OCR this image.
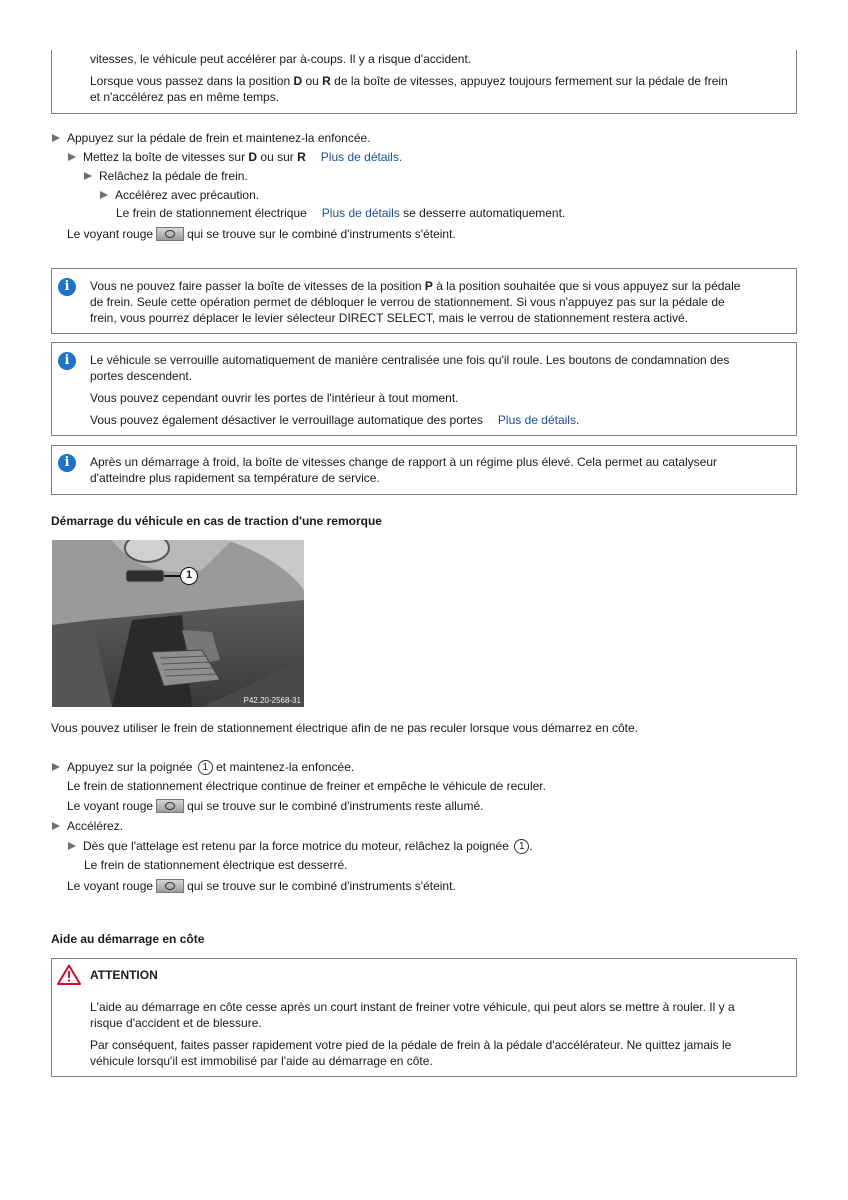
vitesses, le véhicule peut accélérer par à-coups. Il y a risque d'accident.
Lorsque vous passez dans la position D ou R de la boîte de vitesses, appuyez toujours fermement sur la pédale de frein
et n'accélérez pas en même temps.
Appuyez sur la pédale de frein et maintenez-la enfoncée.
Mettez la boîte de vitesses sur D ou sur R Plus de détails.
Relâchez la pédale de frein.
Accélérez avec précaution.
Le frein de stationnement électrique Plus de détails se desserre automatiquement.
Le voyant rouge	qui se trouve sur le combiné d'instruments s'éteint.
i	Vous ne pouvez faire passer la boîte de vitesses de la position P à la position souhaitée que si vous appuyez sur la pédale
de frein. Seule cette opération permet de débloquer le verrou de stationnement. Si vous n'appuyez pas sur la pédale de
frein, vous pourrez déplacer le levier sélecteur DIRECT SELECT, mais le verrou de stationnement restera activé.
i	Le véhicule se verrouille automatiquement de manière centralisée une fois qu'il roule. Les boutons de condamnation des
portes descendent.
Vous pouvez cependant ouvrir les portes de l'intérieur à tout moment.
Vous pouvez également désactiver le verrouillage automatique des portes Plus de détails.
i	Après un démarrage à froid, la boîte de vitesses change de rapport à un régime plus élevé. Cela permet au catalyseur
d'atteindre plus rapidement sa température de service.
Démarrage du véhicule en cas de traction d'une remorque
1
P42.20-2568-31
Vous pouvez utiliser le frein de stationnement électrique afin de ne pas reculer lorsque vous démarrez en côte.
Appuyez sur la poignée 1 et maintenez-la enfoncée.
Le frein de stationnement électrique continue de freiner et empêche le véhicule de reculer.
Le voyant rouge	qui se trouve sur le combiné d'instruments reste allumé.
Accélérez.
Dès que l'attelage est retenu par la force motrice du moteur, relâchez la poignée 1 .
Le frein de stationnement électrique est desserré.
Le voyant rouge	qui se trouve sur le combiné d'instruments s'éteint.
Aide au démarrage en côte
ATTENTION
L'aide au démarrage en côte cesse après un court instant de freiner votre véhicule, qui peut alors se mettre à rouler. Il y a
risque d'accident et de blessure.
Par conséquent, faites passer rapidement votre pied de la pédale de frein à la pédale d'accélérateur. Ne quittez jamais le
véhicule lorsqu'il est immobilisé par l'aide au démarrage en côte.
